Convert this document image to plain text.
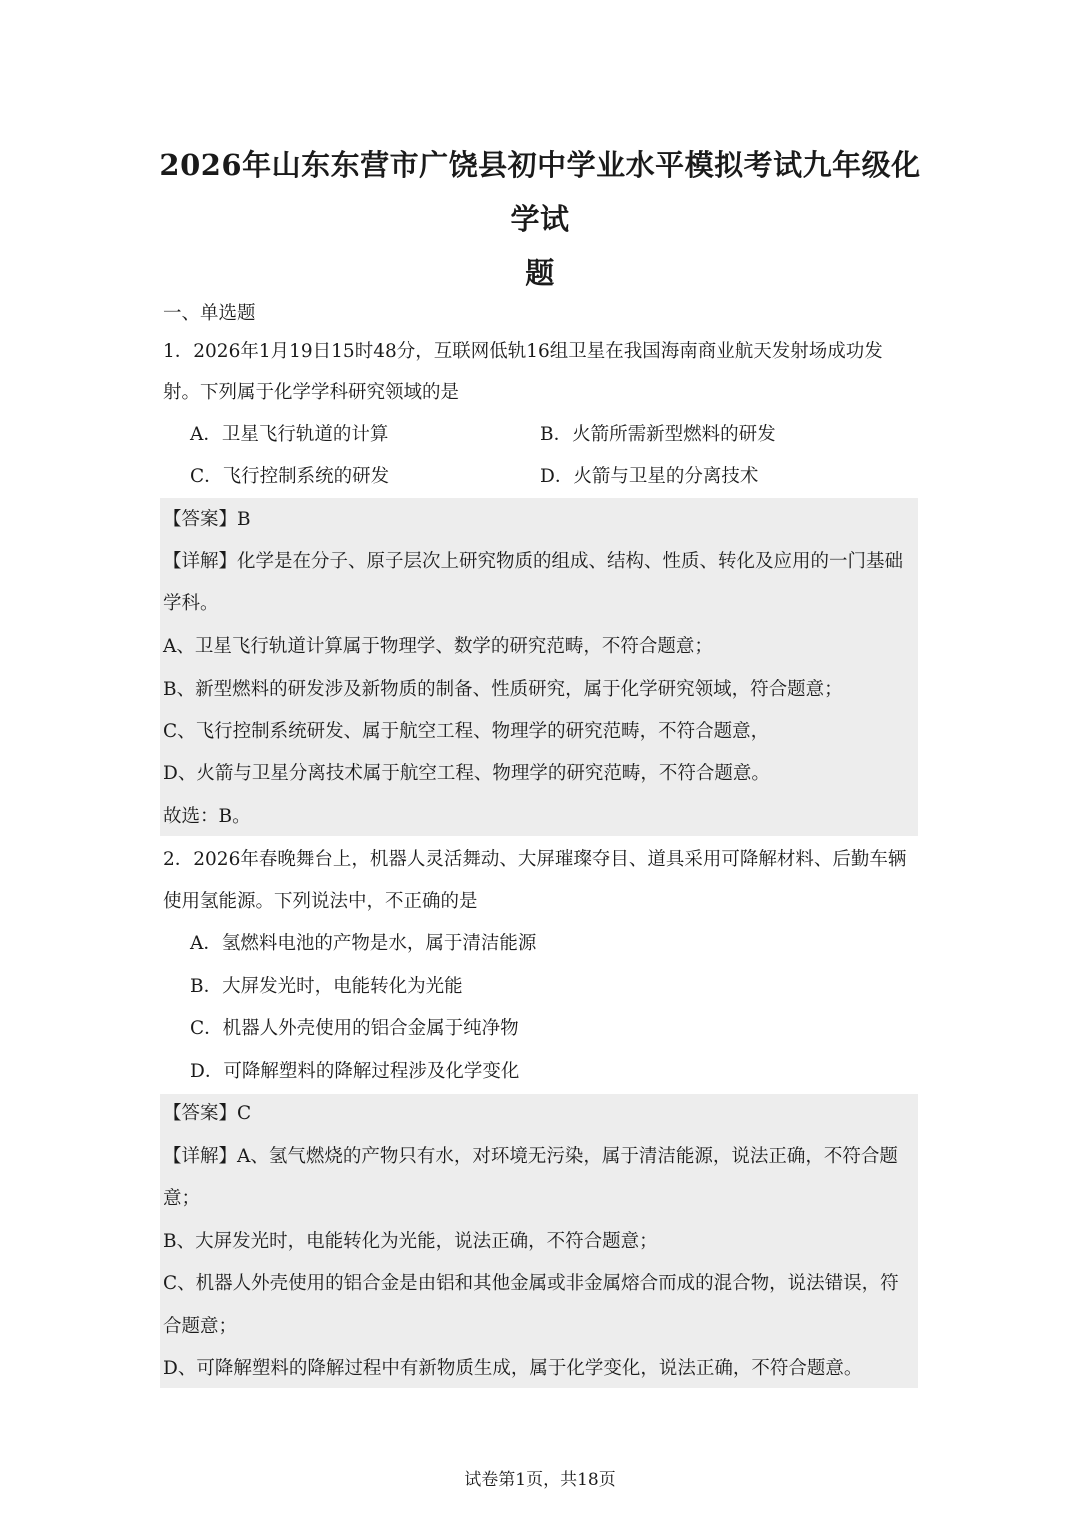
2026年山东东营市广饶县初中学业水平模拟考试九年级化学试
题
一、单选题
1．2026年1月19日15时48分，互联网低轨16组卫星在我国海南商业航天发射场成功发
射。下列属于化学学科研究领域的是
A．卫星飞行轨道的计算	B．火箭所需新型燃料的研发
C．飞行控制系统的研发	D．火箭与卫星的分离技术
【答案】B
【详解】化学是在分子、原子层次上研究物质的组成、结构、性质、转化及应用的一门基础
学科。
A、卫星飞行轨道计算属于物理学、数学的研究范畴，不符合题意；
B、新型燃料的研发涉及新物质的制备、性质研究，属于化学研究领域，符合题意；
C、飞行控制系统研发、属于航空工程、物理学的研究范畴，不符合题意，
D、火箭与卫星分离技术属于航空工程、物理学的研究范畴，不符合题意。
故选：B。
2．2026年春晚舞台上，机器人灵活舞动、大屏璀璨夺目、道具采用可降解材料、后勤车辆
使用氢能源。下列说法中，不正确的是
A．氢燃料电池的产物是水，属于清洁能源
B．大屏发光时，电能转化为光能
C．机器人外壳使用的铝合金属于纯净物
D．可降解塑料的降解过程涉及化学变化
【答案】C
【详解】A、氢气燃烧的产物只有水，对环境无污染，属于清洁能源，说法正确，不符合题
意；
B、大屏发光时，电能转化为光能，说法正确，不符合题意；
C、机器人外壳使用的铝合金是由铝和其他金属或非金属熔合而成的混合物，说法错误，符
合题意；
D、可降解塑料的降解过程中有新物质生成，属于化学变化，说法正确，不符合题意。
试卷第1页，共18页
